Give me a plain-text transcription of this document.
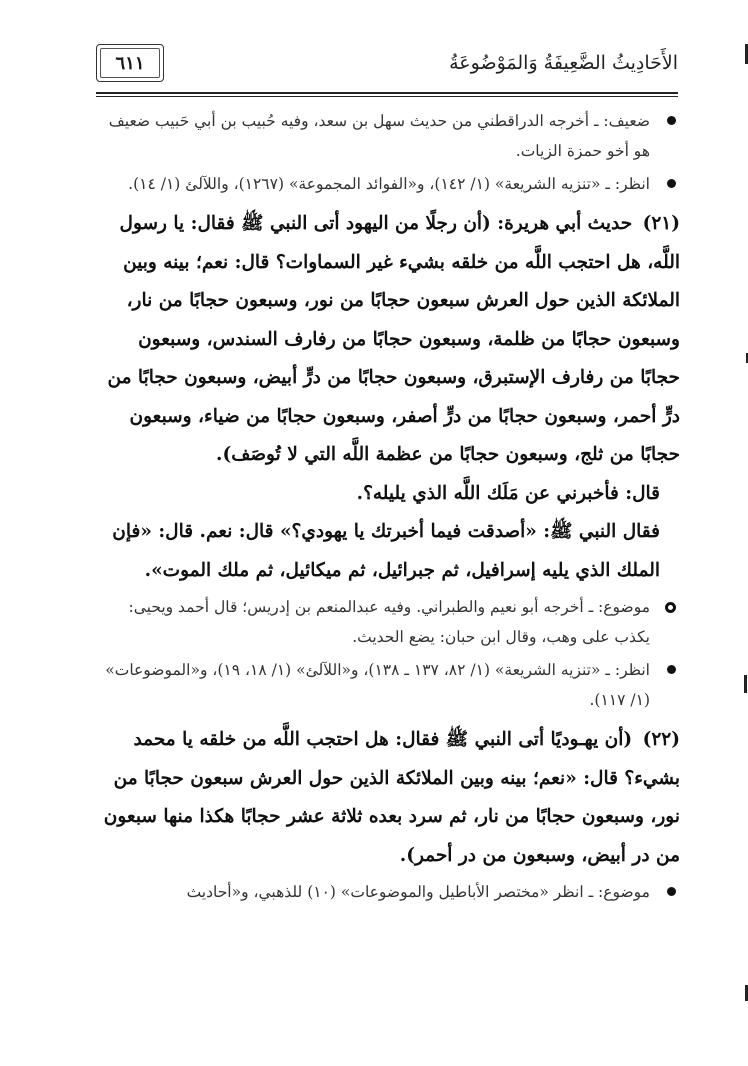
الأَحَادِيثُ الضَّعِيفَةُ وَالمَوْضُوعَةُ
٦١١
ضعيف: ـ أخرجه الدراقطني من حديث سهل بن سعد، وفيه حُبيب بن أبي حَبيب ضعيف هو أخو حمزة الزيات.
انظر: ـ «تنزيه الشريعة» (١/ ١٤٢)، و«الفوائد المجموعة» (١٢٦٧)، واللآلئ (١/ ١٤).

(٢١) حديث أبي هريرة: (أن رجلًا من اليهود أتى النبي ﷺ فقال: يا رسول اللَّه، هل احتجب اللَّه من خلقه بشيء غير السماوات؟ قال: نعم؛ بينه وبين الملائكة الذين حول العرش سبعون حجابًا من نور، وسبعون حجابًا من نار، وسبعون حجابًا من ظلمة، وسبعون حجابًا من رفارف السندس، وسبعون حجابًا من رفارف الإستبرق، وسبعون حجابًا من درٍّ أبيض، وسبعون حجابًا من درٍّ أحمر، وسبعون حجابًا من درٍّ أصفر، وسبعون حجابًا من ضياء، وسبعون حجابًا من ثلج، وسبعون حجابًا من عظمة اللَّه التي لا تُوصَف).

قال: فأخبرني عن مَلَك اللَّه الذي يليله؟.

فقال النبي ﷺ: «أصدقت فيما أخبرتك يا يهودي؟» قال: نعم. قال: «فإن الملك الذي يليه إسرافيل، ثم جبرائيل، ثم ميكائيل، ثم ملك الموت».

موضوع: ـ أخرجه أبو نعيم والطبراني. وفيه عبدالمنعم بن إدريس؛ قال أحمد ويحيى: يكذب على وهب، وقال ابن حبان: يضع الحديث.
انظر: ـ «تنزيه الشريعة» (١/ ٨٢، ١٣٧ ـ ١٣٨)، و«اللآلئ» (١/ ١٨، ١٩)، و«الموضوعات» (١/ ١١٧).

(٢٢) (أن يهـوديًا أتى النبي ﷺ فقال: هل احتجب اللَّه من خلقه يا محمد بشيء؟ قال: «نعم؛ بينه وبين الملائكة الذين حول العرش سبعون حجابًا من نور، وسبعون حجابًا من نار، ثم سرد بعده ثلاثة عشر حجابًا هكذا منها سبعون من در أبيض، وسبعون من در أحمر).

موضوع: ـ انظر «مختصر الأباطيل والموضوعات» (١٠) للذهبي، و«أحاديث
